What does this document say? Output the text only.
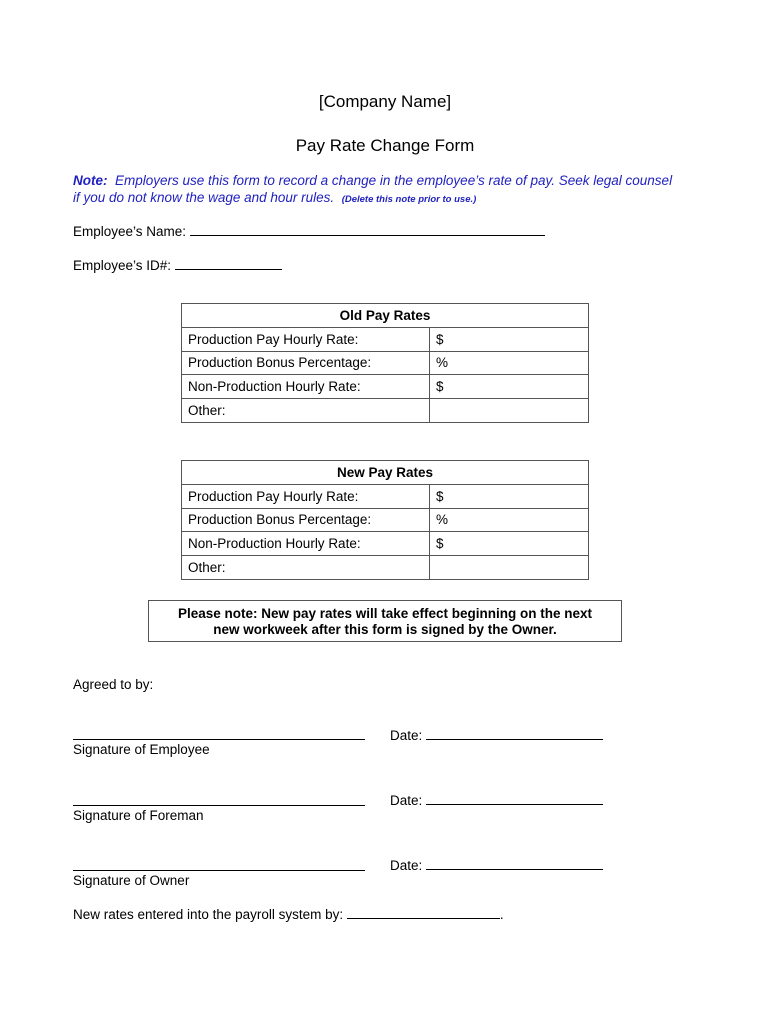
[Company Name]
Pay Rate Change Form
Note: Employers use this form to record a change in the employee’s rate of pay. Seek legal counsel
if you do not know the wage and hour rules. (Delete this note prior to use.)
Employee’s Name:
Employee’s ID#:
Old Pay Rates	
Production Pay Hourly Rate:	$
Production Bonus Percentage:	%
Non-Production Hourly Rate:	$
Other:	
New Pay Rates	
Production Pay Hourly Rate:	$
Production Bonus Percentage:	%
Non-Production Hourly Rate:	$
Other:	
Please note: New pay rates will take effect beginning on the next
new workweek after this form is signed by the Owner.
Agreed to by:
Signature of Employee
Date:
Signature of Foreman
Date:
Signature of Owner
Date:
New rates entered into the payroll system by:	.
